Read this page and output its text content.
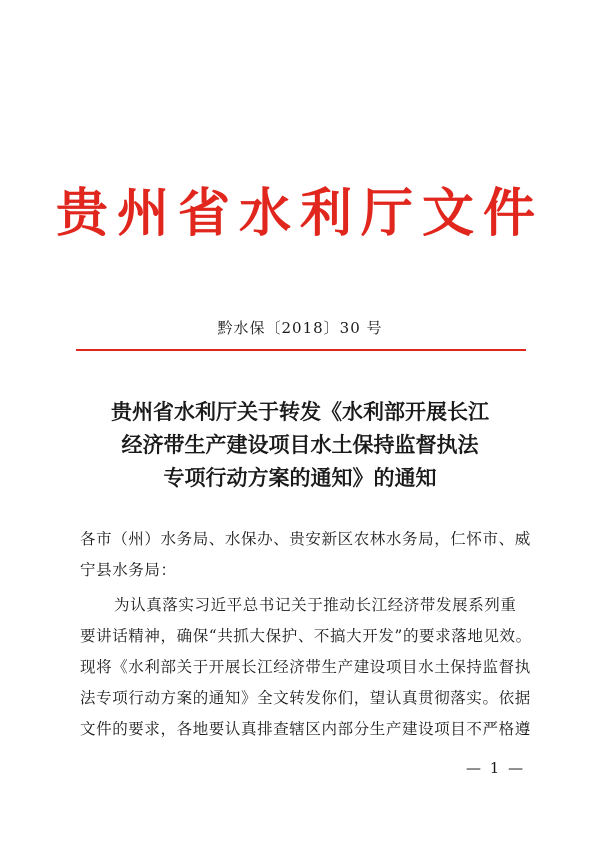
贵州省水利厅文件
黔水保〔2018〕30 号
贵州省水利厅关于转发《水利部开展长江
经济带生产建设项目水土保持监督执法
专项行动方案的通知》的通知
各市（州）水务局、水保办、贵安新区农林水务局，仁怀市、威
宁县水务局：
为认真落实习近平总书记关于推动长江经济带发展系列重
要讲话精神，确保“共抓大保护、不搞大开发”的要求落地见效。
现将《水利部关于开展长江经济带生产建设项目水土保持监督执
法专项行动方案的通知》全文转发你们，望认真贯彻落实。依据
文件的要求，各地要认真排查辖区内部分生产建设项目不严格遵
— 1 —
